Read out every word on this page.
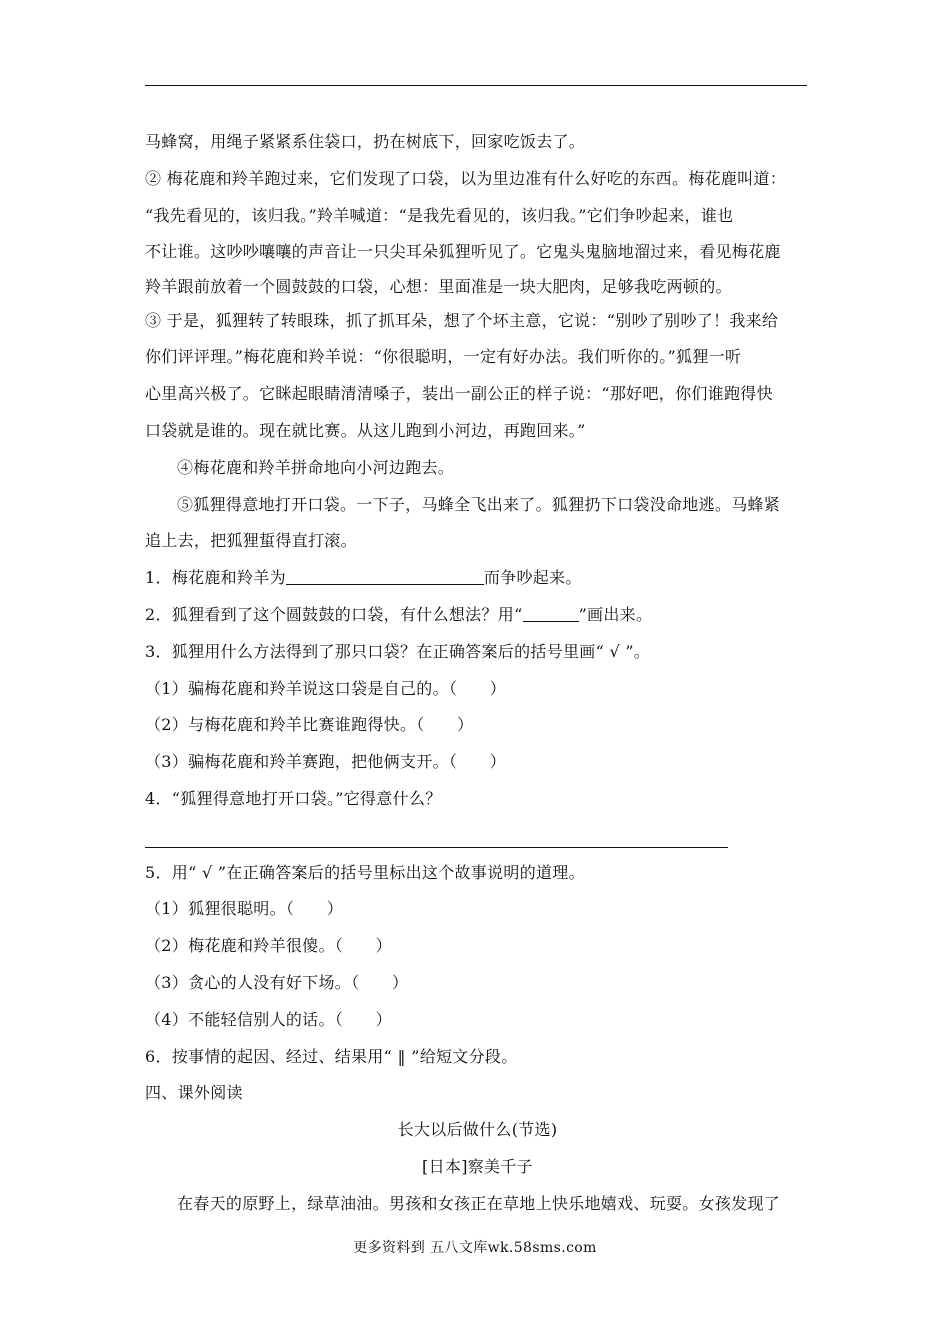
马蜂窝，用绳子紧紧系住袋口，扔在树底下，回家吃饭去了。
② 梅花鹿和羚羊跑过来，它们发现了口袋，以为里边准有什么好吃的东西。梅花鹿叫道：
“我先看见的，该归我。”羚羊喊道：“是我先看见的，该归我。”它们争吵起来，谁也
不让谁。这吵吵嚷嚷的声音让一只尖耳朵狐狸听见了。它鬼头鬼脑地溜过来，看见梅花鹿
羚羊跟前放着一个圆鼓鼓的口袋，心想：里面准是一块大肥肉，足够我吃两顿的。
③ 于是，狐狸转了转眼珠，抓了抓耳朵，想了个坏主意，它说：“别吵了别吵了！我来给
你们评评理。”梅花鹿和羚羊说：“你很聪明，一定有好办法。我们听你的。”狐狸一听
心里高兴极了。它眯起眼睛清清嗓子，装出一副公正的样子说：“那好吧，你们谁跑得快
口袋就是谁的。现在就比赛。从这儿跑到小河边，再跑回来。”
④梅花鹿和羚羊拼命地向小河边跑去。
⑤狐狸得意地打开口袋。一下子，马蜂全飞出来了。狐狸扔下口袋没命地逃。马蜂紧
追上去，把狐狸蜇得直打滚。
1．梅花鹿和羚羊为	而争吵起来。
2．狐狸看到了这个圆鼓鼓的口袋，有什么想法？用“	”画出来。
3．狐狸用什么方法得到了那只口袋？在正确答案后的括号里画“ √ ”。
（1）骗梅花鹿和羚羊说这口袋是自己的。（　　）
（2）与梅花鹿和羚羊比赛谁跑得快。（　　）
（3）骗梅花鹿和羚羊赛跑，把他俩支开。（　　）
4．“狐狸得意地打开口袋。”它得意什么？
5．用“ √ ”在正确答案后的括号里标出这个故事说明的道理。
（1）狐狸很聪明。（　　）
（2）梅花鹿和羚羊很傻。（　　）
（3）贪心的人没有好下场。（　　）
（4）不能轻信别人的话。（　　）
6．按事情的起因、经过、结果用“ ‖ ”给短文分段。
四、课外阅读
长大以后做什么(节选)
[日本]察美千子
在春天的原野上，绿草油油。男孩和女孩正在草地上快乐地嬉戏、玩耍。女孩发现了
更多资料到 五八文库wk.58sms.com
